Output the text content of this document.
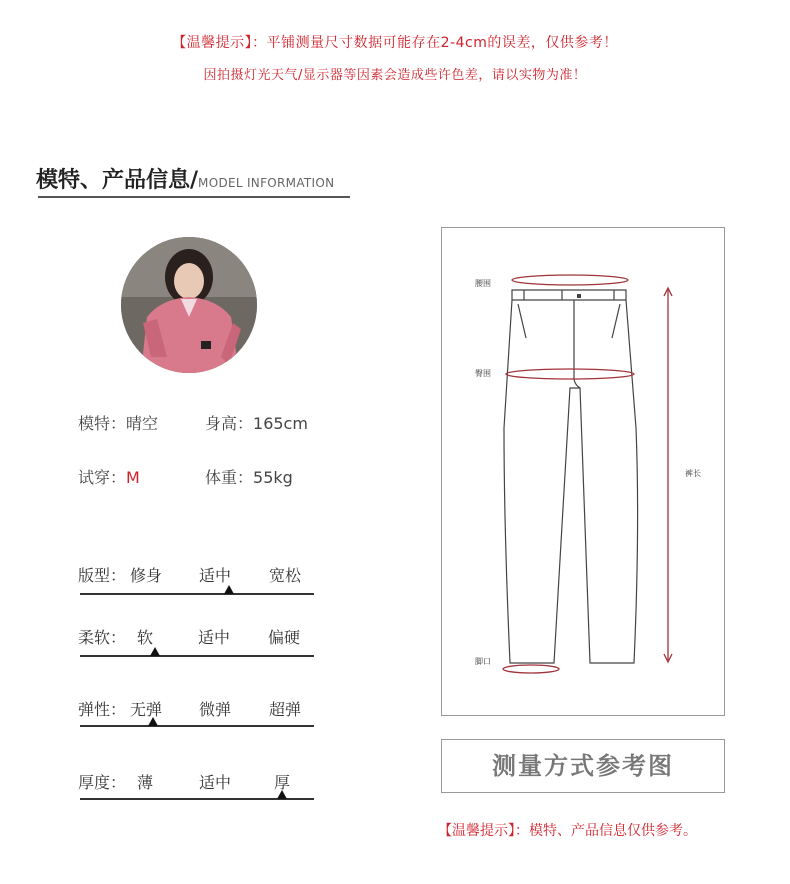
【温馨提示】：平铺测量尺寸数据可能存在2-4cm的误差，仅供参考！
因拍摄灯光天气/显示器等因素会造成些许色差，请以实物为准！
模特、产品信息/MODEL INFORMATION
模特：晴空	身高：165cm
试穿：M	体重：55kg
版型： 修身 适中 宽松
柔软： 软	适中 偏硬
弹性： 无弹 微弹 超弹
厚度： 薄	适中	厚
腰围
臀围
裤长
脚口
测量方式参考图
【温馨提示】：模特、产品信息仅供参考。
